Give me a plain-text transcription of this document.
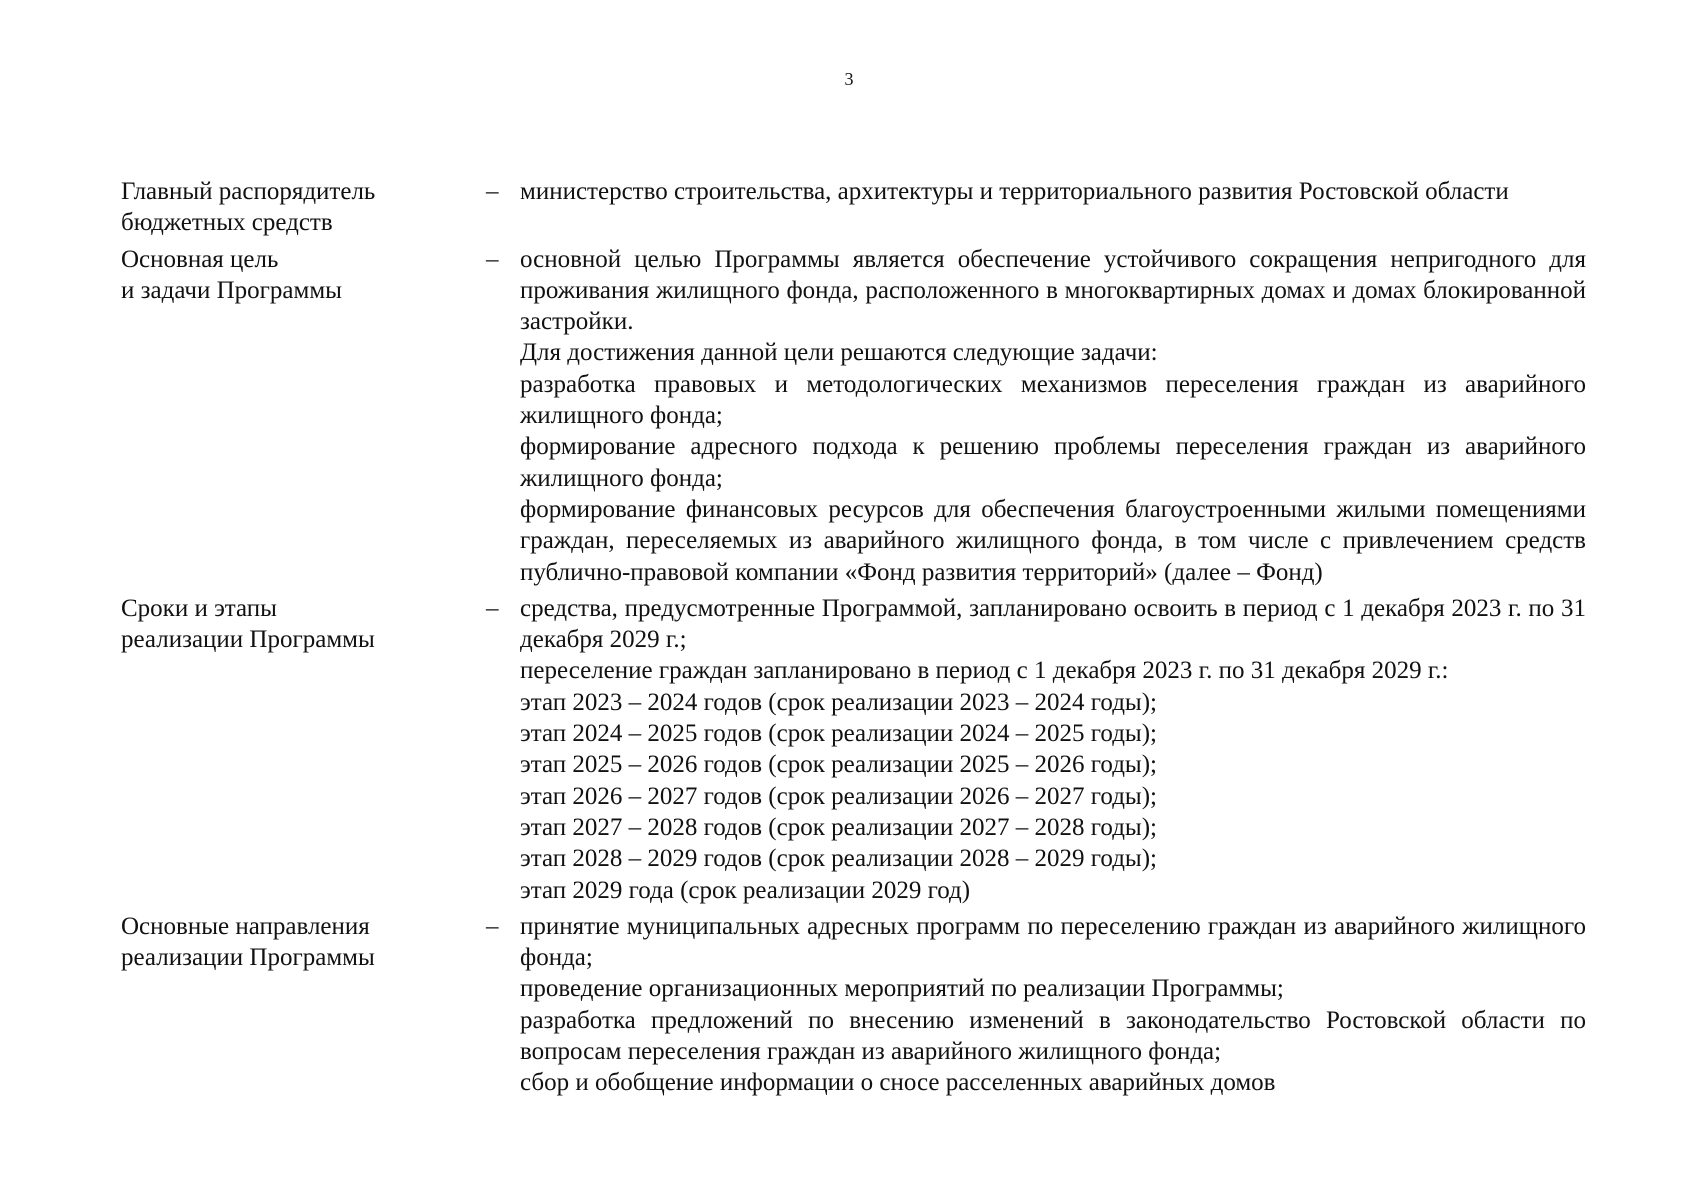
3
Главный распорядитель
бюджетных средств
– министерство строительства, архитектуры и территориального развития Ростовской области

Основная цель
и задачи Программы
– основной целью Программы является обеспечение устойчивого сокращения непригодного для проживания жилищного фонда, расположенного в многоквартирных домах и домах блокированной застройки.

Для достижения данной цели решаются следующие задачи:

разработка правовых и методологических механизмов переселения граждан из аварийного жилищного фонда;

формирование адресного подхода к решению проблемы переселения граждан из аварийного жилищного фонда;

формирование финансовых ресурсов для обеспечения благоустроенными жилыми помещениями граждан, переселяемых из аварийного жилищного фонда, в том числе с привлечением средств публично-правовой компании «Фонд развития территорий» (далее – Фонд)

Сроки и этапы
реализации Программы
– средства, предусмотренные Программой, запланировано освоить в период с 1 декабря 2023 г. по 31 декабря 2029 г.;

переселение граждан запланировано в период с 1 декабря 2023 г. по 31 декабря 2029 г.:

этап 2023 – 2024 годов (срок реализации 2023 – 2024 годы);

этап 2024 – 2025 годов (срок реализации 2024 – 2025 годы);

этап 2025 – 2026 годов (срок реализации 2025 – 2026 годы);

этап 2026 – 2027 годов (срок реализации 2026 – 2027 годы);

этап 2027 – 2028 годов (срок реализации 2027 – 2028 годы);

этап 2028 – 2029 годов (срок реализации 2028 – 2029 годы);

этап 2029 года (срок реализации 2029 год)

Основные направления
реализации Программы
– принятие муниципальных адресных программ по переселению граждан из аварийного жилищного фонда;

проведение организационных мероприятий по реализации Программы;

разработка предложений по внесению изменений в законодательство Ростовской области по вопросам переселения граждан из аварийного жилищного фонда;

сбор и обобщение информации о сносе расселенных аварийных домов
